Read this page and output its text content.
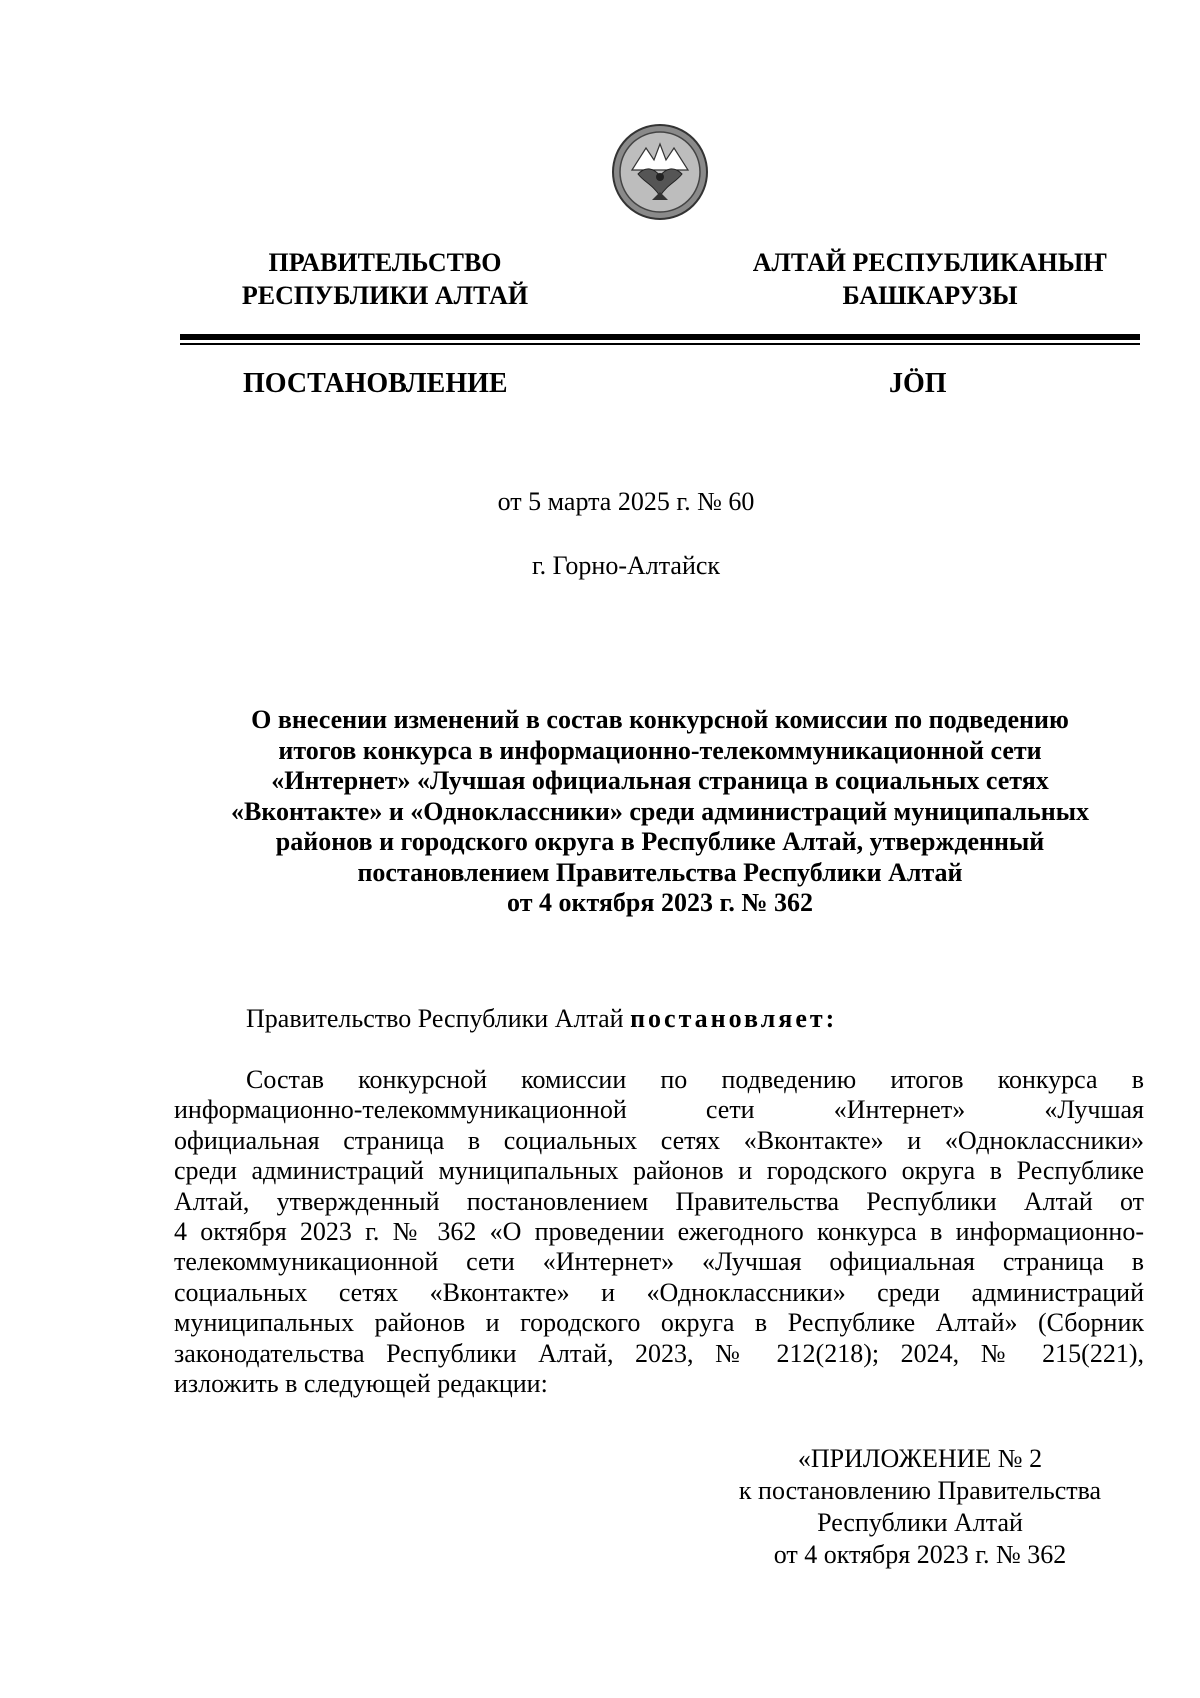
ПРАВИТЕЛЬСТВО
РЕСПУБЛИКИ АЛТАЙ
АЛТАЙ РЕСПУБЛИКАНЫҤ
БАШКАРУЗЫ
ПОСТАНОВЛЕНИЕ	JÖП
от 5 марта 2025 г. № 60
г. Горно-Алтайск
О внесении изменений в состав конкурсной комиссии по подведению
итогов конкурса в информационно-телекоммуникационной сети
«Интернет» «Лучшая официальная страница в социальных сетях
«Вконтакте» и «Одноклассники» среди администраций муниципальных
районов и городского округа в Республике Алтай, утвержденный
постановлением Правительства Республики Алтай
от 4 октября 2023 г. № 362
Правительство Республики Алтай постановляет:
Состав конкурсной комиссии по подведению итогов конкурса в
информационно-телекоммуникационной сети «Интернет» «Лучшая
официальная страница в социальных сетях «Вконтакте» и «Одноклассники»
среди администраций муниципальных районов и городского округа в Республике
Алтай, утвержденный постановлением Правительства Республики Алтай от
4 октября 2023 г. № 362 «О проведении ежегодного конкурса в информационно-
телекоммуникационной сети «Интернет» «Лучшая официальная страница в
социальных сетях «Вконтакте» и «Одноклассники» среди администраций
муниципальных районов и городского округа в Республике Алтай» (Сборник
законодательства Республики Алтай, 2023, № 212(218); 2024, № 215(221),
изложить в следующей редакции:
«ПРИЛОЖЕНИЕ № 2
к постановлению Правительства
Республики Алтай
от 4 октября 2023 г. № 362
